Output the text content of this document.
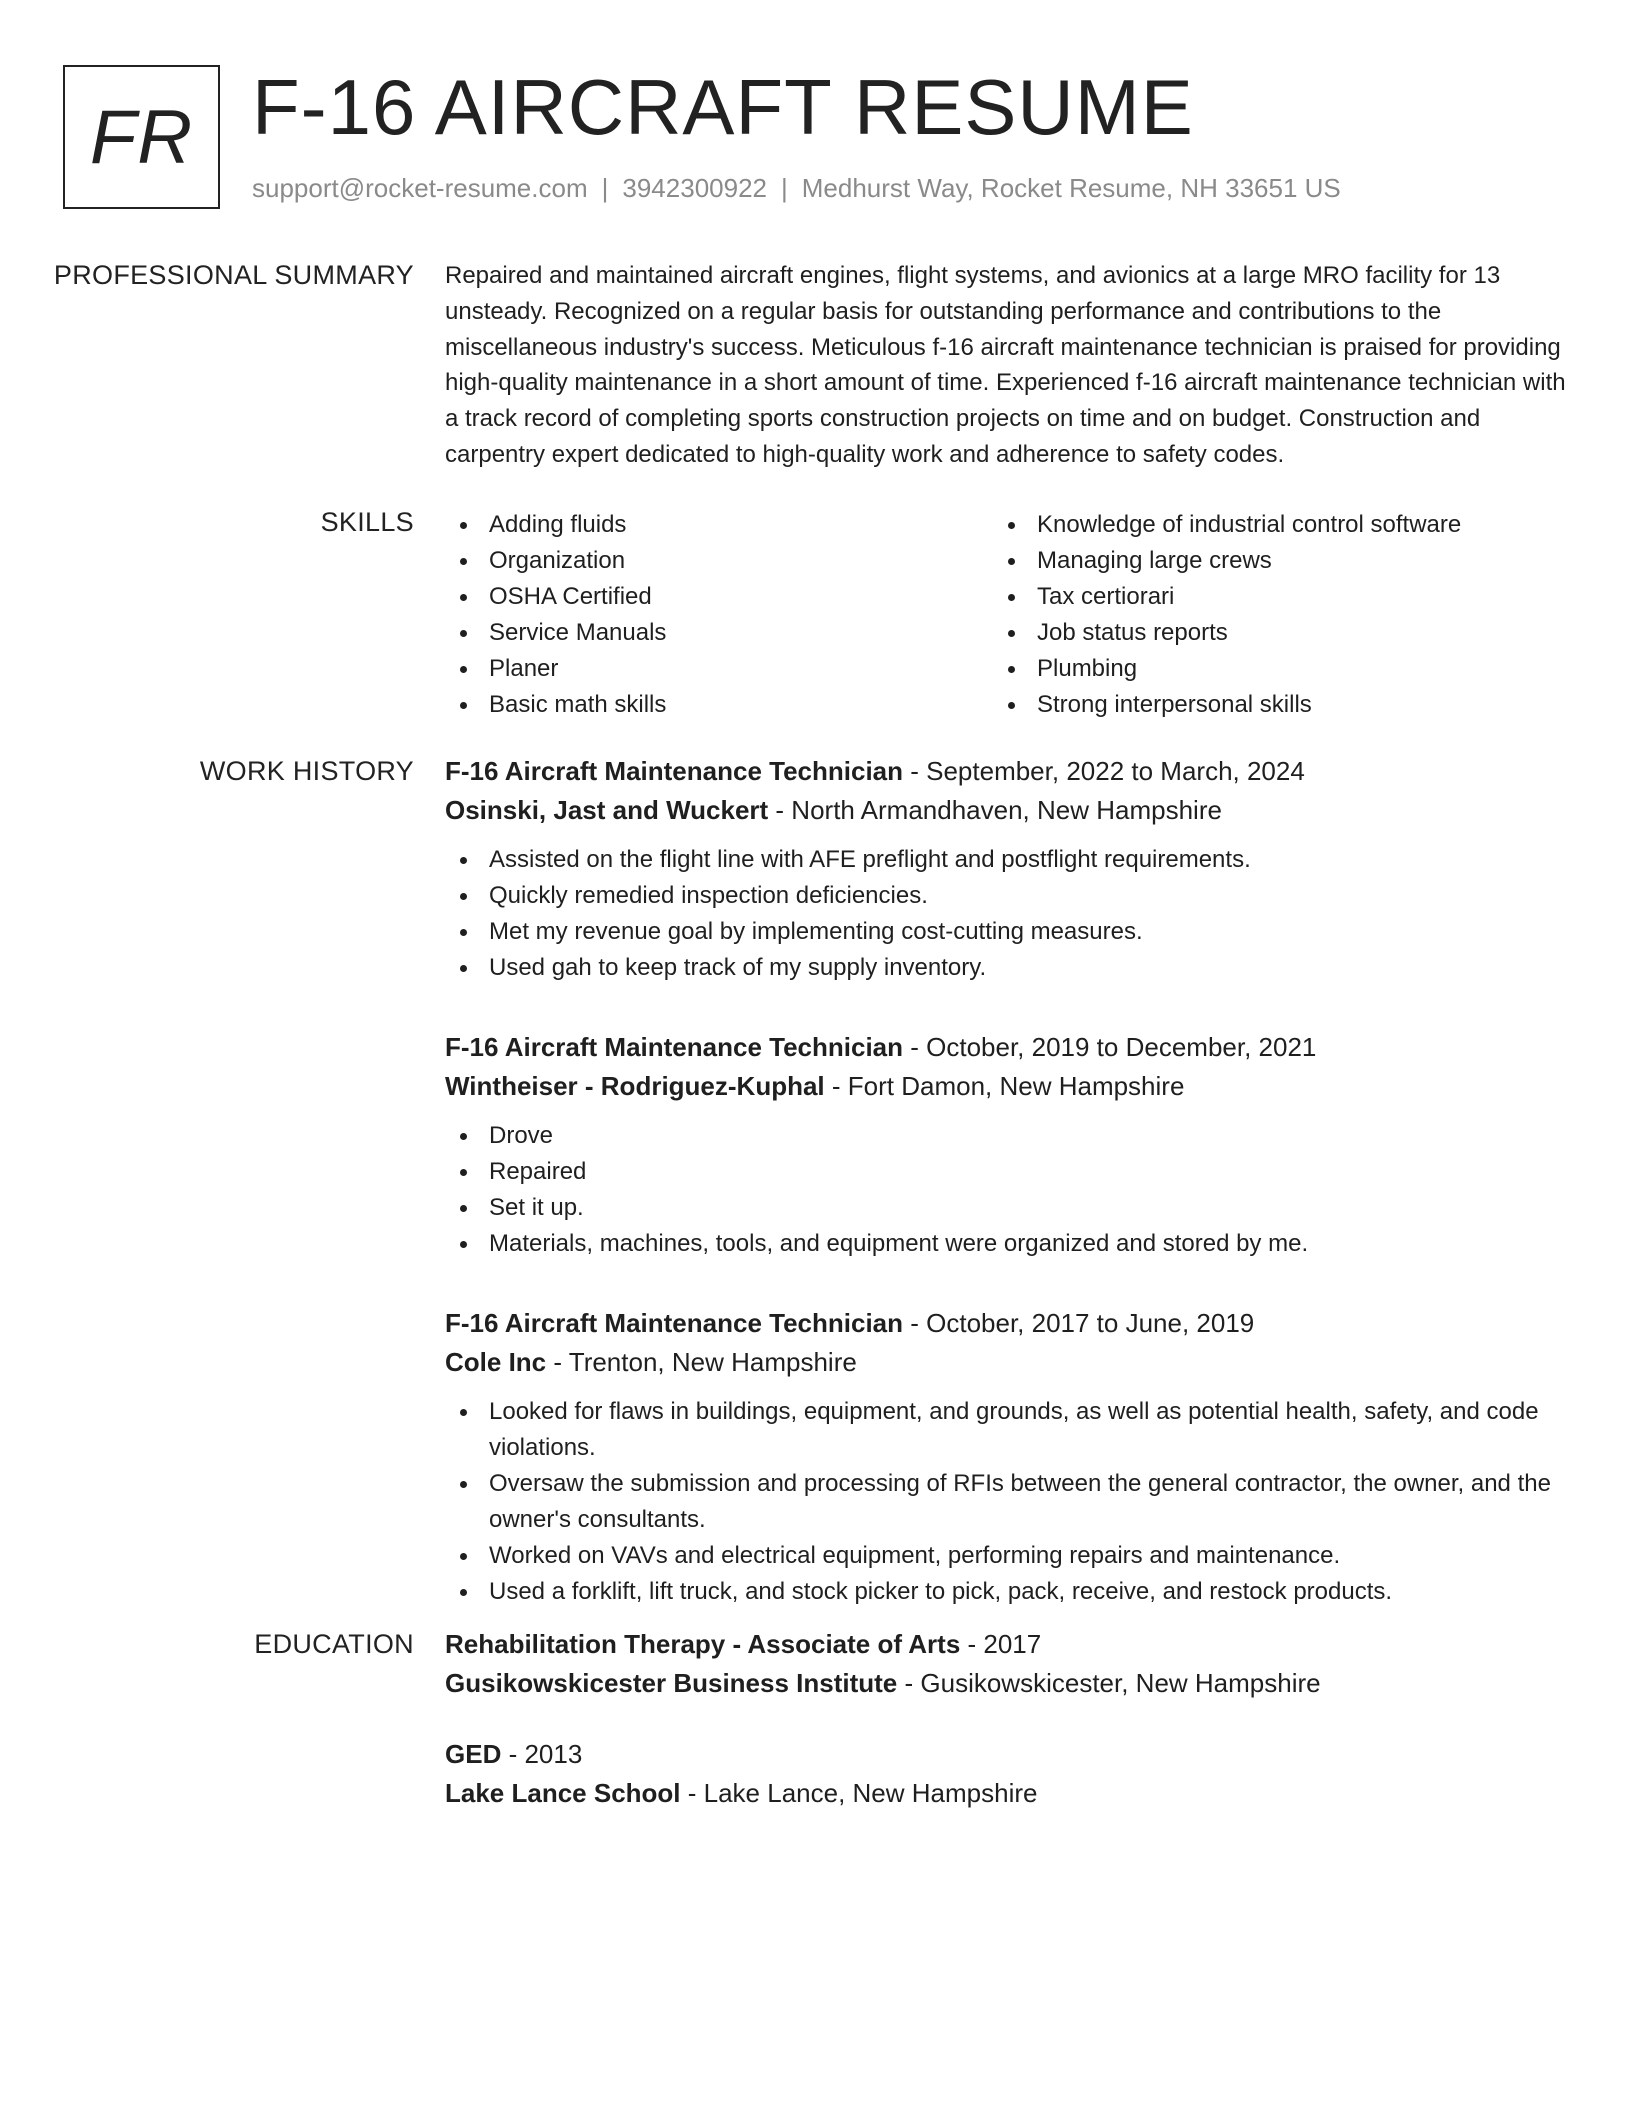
FR F-16 AIRCRAFT RESUME
support@rocket-resume.com | 3942300922 | Medhurst Way, Rocket Resume, NH 33651 US
PROFESSIONAL SUMMARY Repaired and maintained aircraft engines, flight systems, and avionics at a large MRO facility for 13 unsteady. Recognized on a regular basis for outstanding performance and contributions to the miscellaneous industry's success. Meticulous f-16 aircraft maintenance technician is praised for providing high-quality maintenance in a short amount of time. Experienced f-16 aircraft maintenance technician with a track record of completing sports construction projects on time and on budget. Construction and carpentry expert dedicated to high-quality work and adherence to safety codes.

SKILLS	Adding fluids
Organization
OSHA Certified
Service Manuals
Planer
Basic math skills
Knowledge of industrial control software
Managing large crews
Tax certiorari
Job status reports
Plumbing
Strong interpersonal skills
WORK HISTORY F-16 Aircraft Maintenance Technician - September, 2022 to March, 2024
Osinski, Jast and Wuckert - North Armandhaven, New Hampshire
Assisted on the flight line with AFE preflight and postflight requirements.
Quickly remedied inspection deficiencies.
Met my revenue goal by implementing cost-cutting measures.
Used gah to keep track of my supply inventory.
F-16 Aircraft Maintenance Technician - October, 2019 to December, 2021
Wintheiser - Rodriguez-Kuphal - Fort Damon, New Hampshire
Drove
Repaired
Set it up.
Materials, machines, tools, and equipment were organized and stored by me.
F-16 Aircraft Maintenance Technician - October, 2017 to June, 2019
Cole Inc - Trenton, New Hampshire
Looked for flaws in buildings, equipment, and grounds, as well as potential health, safety, and code violations.
Oversaw the submission and processing of RFIs between the general contractor, the owner, and the owner's consultants.
Worked on VAVs and electrical equipment, performing repairs and maintenance.
Used a forklift, lift truck, and stock picker to pick, pack, receive, and restock products.
EDUCATION Rehabilitation Therapy - Associate of Arts - 2017
Gusikowskicester Business Institute - Gusikowskicester, New Hampshire
GED - 2013
Lake Lance School - Lake Lance, New Hampshire
